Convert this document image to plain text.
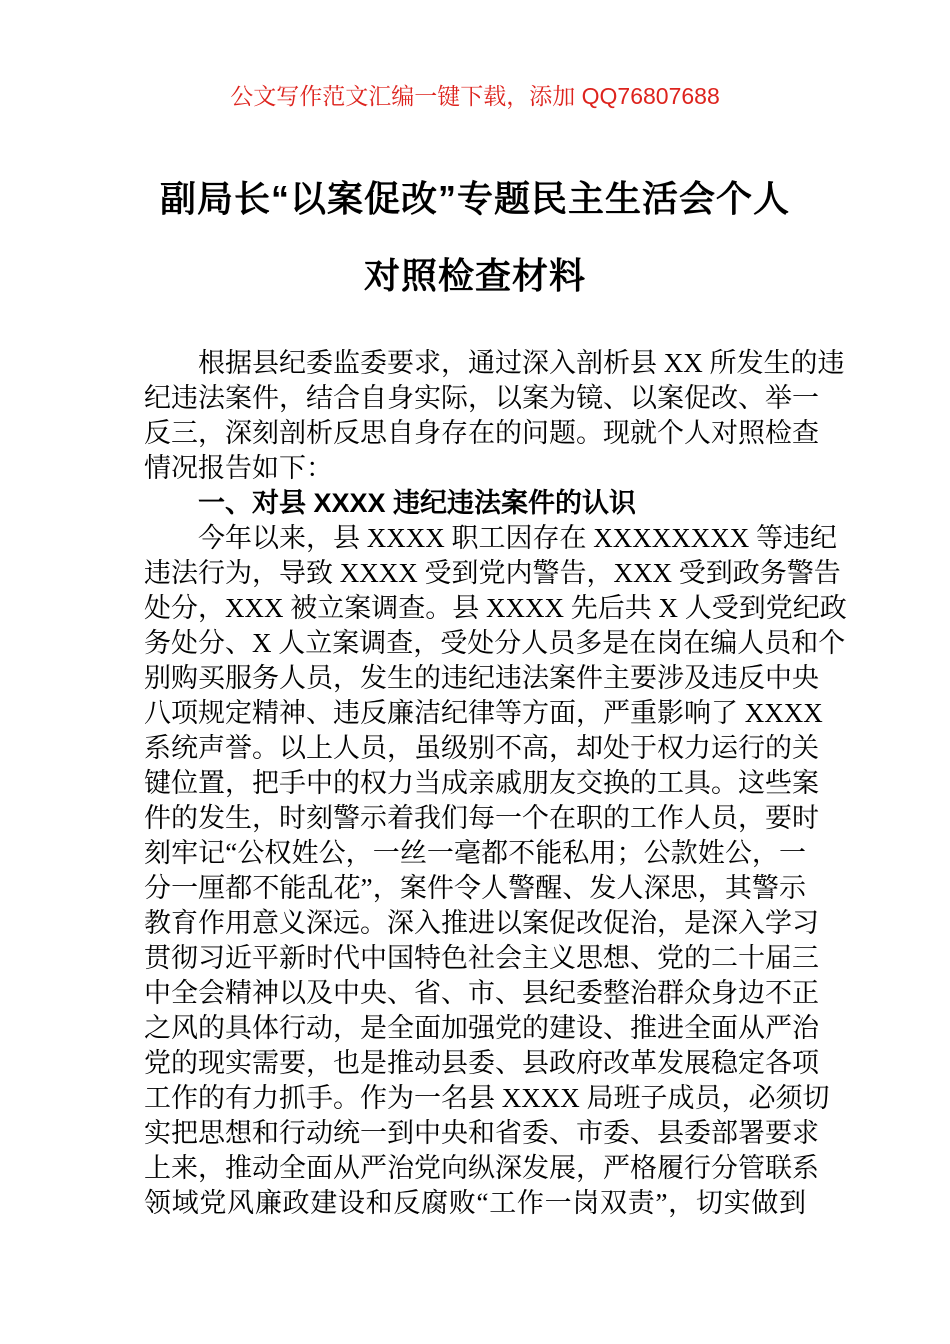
公文写作范文汇编一键下载，添加 QQ76807688
副局长“以案促改”专题民主生活会个人
对照检查材料
根据县纪委监委要求，通过深入剖析县 XX 所发生的违
纪违法案件，结合自身实际，以案为镜、以案促改、举一
反三，深刻剖析反思自身存在的问题。现就个人对照检查
情况报告如下：
一、对县 XXXX 违纪违法案件的认识
今年以来，县 XXXX 职工因存在 XXXXXXXX 等违纪
违法行为，导致 XXXX 受到党内警告，XXX 受到政务警告
处分，XXX 被立案调查。县 XXXX 先后共 X 人受到党纪政
务处分、X 人立案调查，受处分人员多是在岗在编人员和个
别购买服务人员，发生的违纪违法案件主要涉及违反中央
八项规定精神、违反廉洁纪律等方面，严重影响了 XXXX
系统声誉。以上人员，虽级别不高，却处于权力运行的关
键位置，把手中的权力当成亲戚朋友交换的工具。这些案
件的发生，时刻警示着我们每一个在职的工作人员，要时
刻牢记“公权姓公，一丝一毫都不能私用；公款姓公，一
分一厘都不能乱花”，案件令人警醒、发人深思，其警示
教育作用意义深远。深入推进以案促改促治，是深入学习
贯彻习近平新时代中国特色社会主义思想、党的二十届三
中全会精神以及中央、省、市、县纪委整治群众身边不正
之风的具体行动，是全面加强党的建设、推进全面从严治
党的现实需要，也是推动县委、县政府改革发展稳定各项
工作的有力抓手。作为一名县 XXXX 局班子成员，必须切
实把思想和行动统一到中央和省委、市委、县委部署要求
上来，推动全面从严治党向纵深发展，严格履行分管联系
领域党风廉政建设和反腐败“工作一岗双责”，切实做到
